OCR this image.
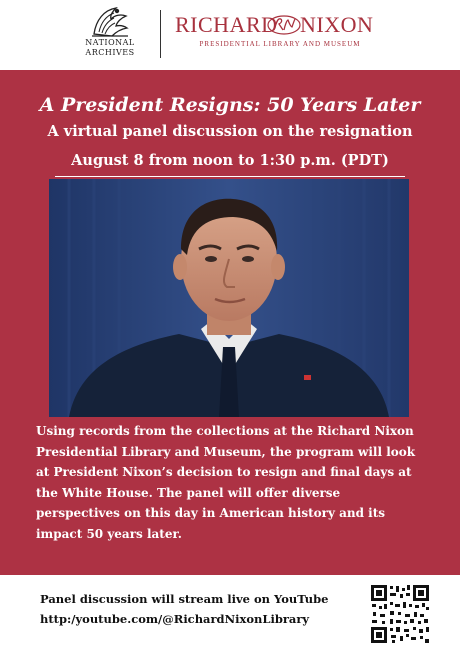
NATIONAL
ARCHIVES
RICHARD NIXON
PRESIDENTIAL LIBRARY AND MUSEUM
A President Resigns: 50 Years Later
A virtual panel discussion on the resignation
August 8 from noon to 1:30 p.m. (PDT)
Using records from the collections at the Richard Nixon Presidential Library and Museum, the program will look at President Nixon’s decision to resign and final days at the White House. The panel will offer diverse perspectives on this day in American history and its impact 50 years later.
Panel discussion will stream live on YouTube
http:/youtube.com/@RichardNixonLibrary
